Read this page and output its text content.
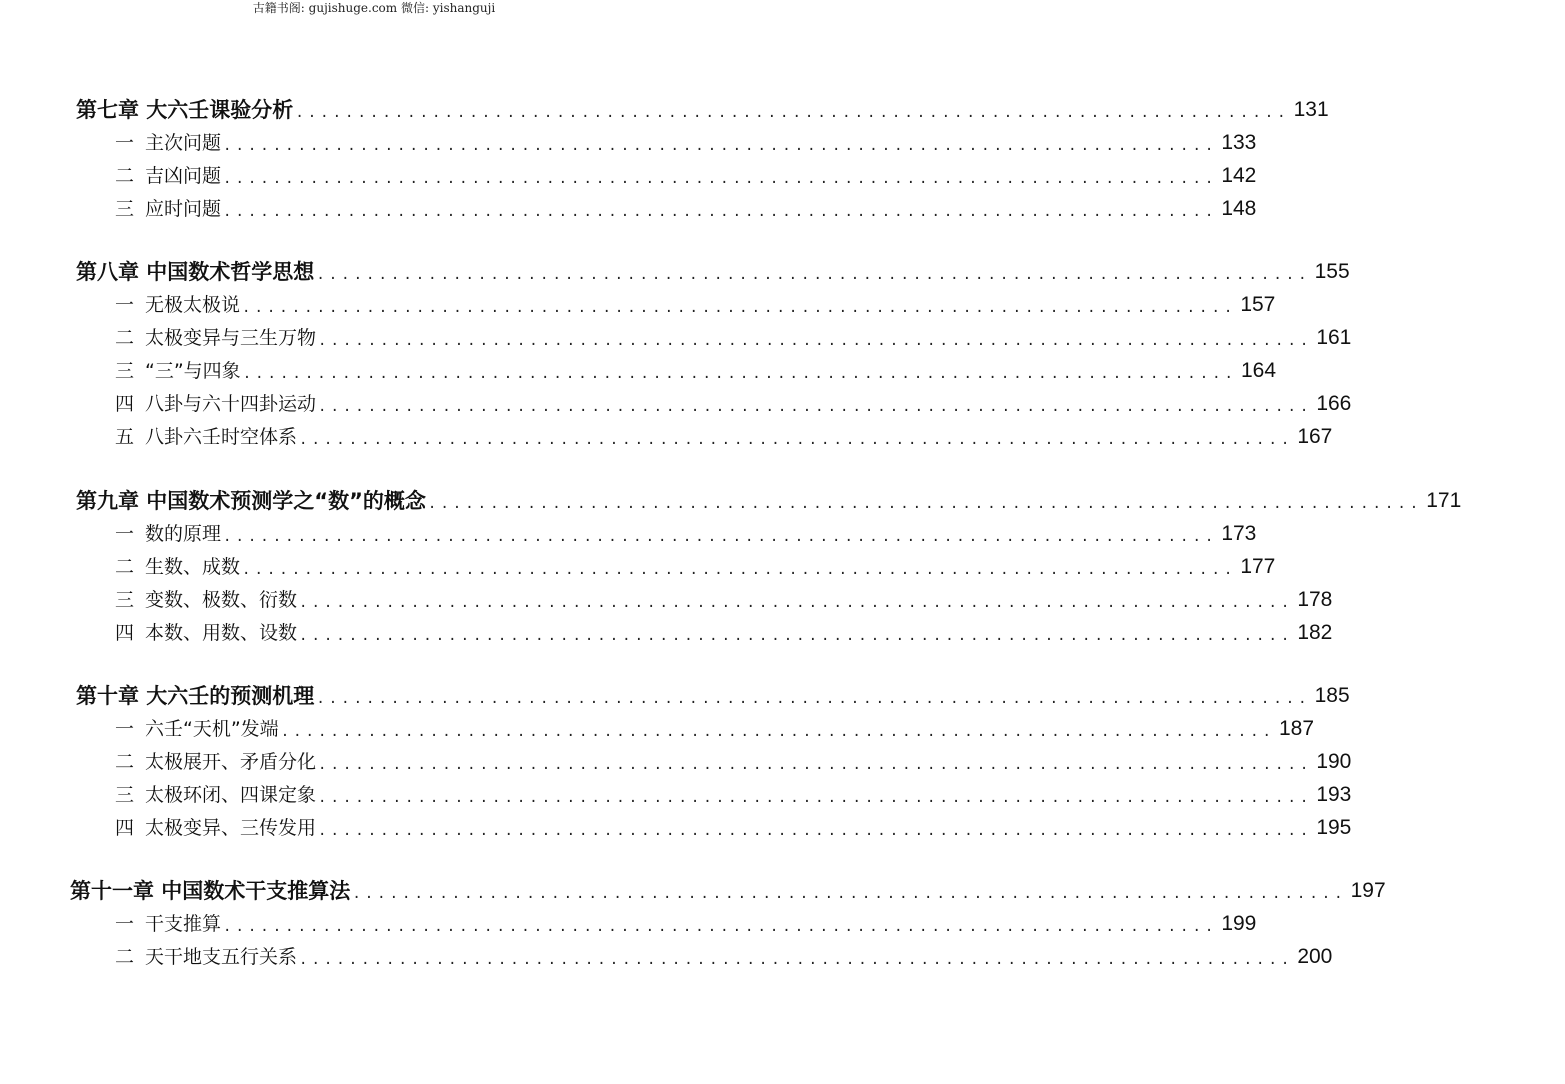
古籍书阁: gujishuge.com 微信: yishanguji
第七章 大六壬课验分析 ................................................................................ 131
一 主次问题 ................................................................................ 133
二 吉凶问题 ................................................................................ 142
三 应时问题 ................................................................................ 148
第八章 中国数术哲学思想 ................................................................................ 155
一 无极太极说 ................................................................................ 157
二 太极变异与三生万物 ................................................................................ 161
三 “三”与四象 ................................................................................ 164
四 八卦与六十四卦运动 ................................................................................ 166
五 八卦六壬时空体系 ................................................................................ 167
第九章 中国数术预测学之“数”的概念 ................................................................................ 171
一 数的原理 ................................................................................ 173
二 生数、成数 ................................................................................ 177
三 变数、极数、衍数 ................................................................................ 178
四 本数、用数、设数 ................................................................................ 182
第十章 大六壬的预测机理 ................................................................................ 185
一 六壬“天机”发端 ................................................................................ 187
二 太极展开、矛盾分化 ................................................................................ 190
三 太极环闭、四课定象 ................................................................................ 193
四 太极变异、三传发用 ................................................................................ 195
第十一章 中国数术干支推算法 ................................................................................ 197
一 干支推算 ................................................................................ 199
二 天干地支五行关系 ................................................................................ 200
